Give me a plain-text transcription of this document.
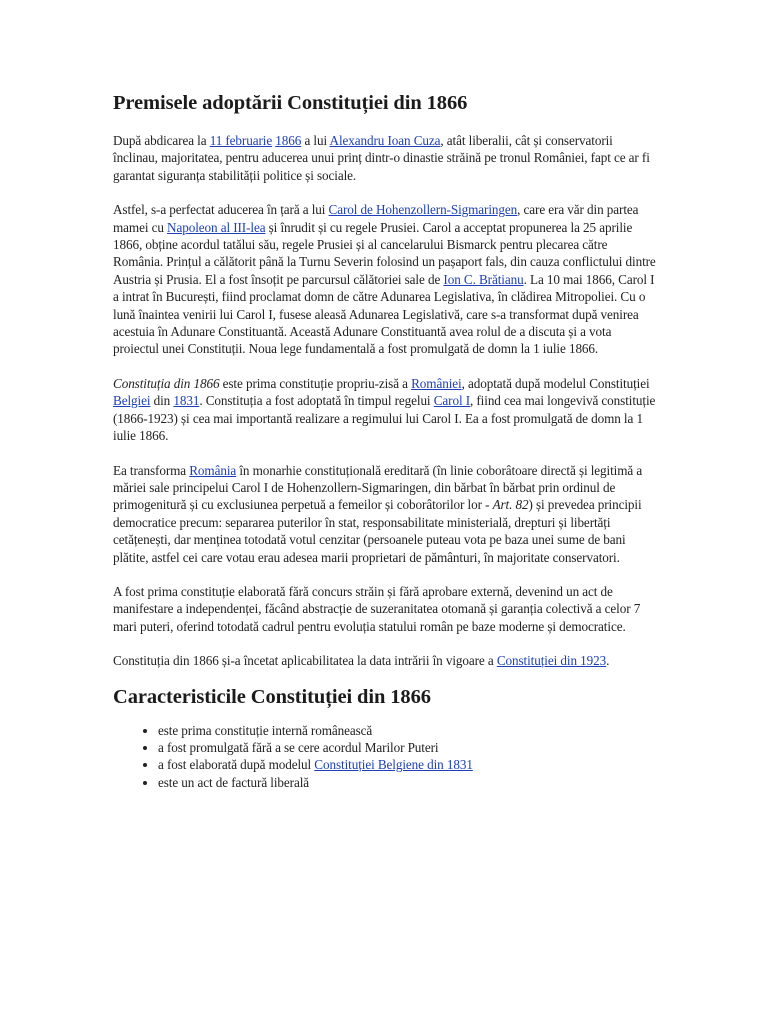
Premisele adoptării Constituției din 1866

După abdicarea la 11 februarie 1866 a lui Alexandru Ioan Cuza, atât liberalii, cât și conservatorii înclinau, majoritatea, pentru aducerea unui prinț dintr-o dinastie străină pe tronul României, fapt ce ar fi garantat siguranța stabilității politice și sociale.

Astfel, s-a perfectat aducerea în țară a lui Carol de Hohenzollern-Sigmaringen, care era văr din partea mamei cu Napoleon al III-lea și înrudit și cu regele Prusiei. Carol a acceptat propunerea la 25 aprilie 1866, obține acordul tatălui său, regele Prusiei și al cancelarului Bismarck pentru plecarea către România. Prințul a călătorit până la Turnu Severin folosind un pașaport fals, din cauza conflictului dintre Austria și Prusia. El a fost însoțit pe parcursul călătoriei sale de Ion C. Brătianu. La 10 mai 1866, Carol I a intrat în București, fiind proclamat domn de către Adunarea Legislativa, în clădirea Mitropoliei. Cu o lună înaintea venirii lui Carol I, fusese aleasă Adunarea Legislativă, care s-a transformat după venirea acestuia în Adunare Constituantă. Această Adunare Constituantă avea rolul de a discuta și a vota proiectul unei Constituții. Noua lege fundamentală a fost promulgată de domn la 1 iulie 1866.

Constituția din 1866 este prima constituție propriu-zisă a României, adoptată după modelul Constituției Belgiei din 1831. Constituția a fost adoptată în timpul regelui Carol I, fiind cea mai longevivă constituție (1866-1923) și cea mai importantă realizare a regimului lui Carol I. Ea a fost promulgată de domn la 1 iulie 1866.

Ea transforma România în monarhie constituțională ereditară (în linie coborâtoare directă și legitimă a măriei sale principelui Carol I de Hohenzollern-Sigmaringen, din bărbat în bărbat prin ordinul de primogenitură și cu exclusiunea perpetuă a femeilor și coborâtorilor lor - Art. 82) și prevedea principii democratice precum: separarea puterilor în stat, responsabilitate ministerială, drepturi și libertăți cetățenești, dar menținea totodată votul cenzitar (persoanele puteau vota pe baza unei sume de bani plătite, astfel cei care votau erau adesea marii proprietari de pământuri, în majoritate conservatori.

A fost prima constituție elaborată fără concurs străin și fără aprobare externă, devenind un act de manifestare a independenței, făcând abstracție de suzeranitatea otomană și garanția colectivă a celor 7 mari puteri, oferind totodată cadrul pentru evoluția statului român pe baze moderne și democratice.

Constituția din 1866 și-a încetat aplicabilitatea la data intrării în vigoare a Constituției din 1923.

Caracteristicile Constituției din 1866
• este prima constituție internă românească
• a fost promulgată fără a se cere acordul Marilor Puteri
• a fost elaborată după modelul Constituției Belgiene din 1831
• este un act de factură liberală
